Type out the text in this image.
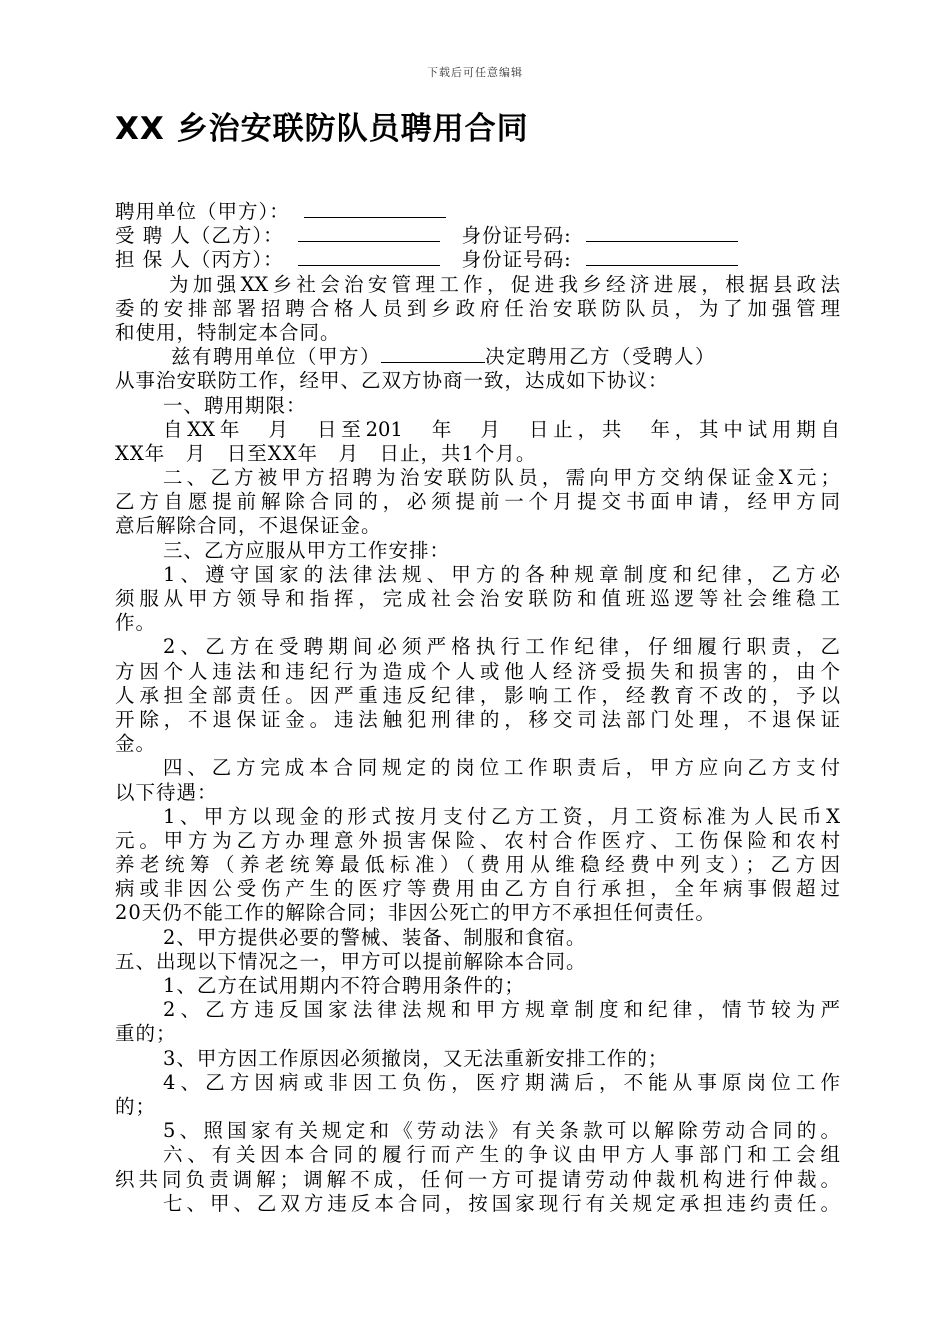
下载后可任意编辑
XX 乡治安联防队员聘用合同
聘用单位（甲方）：
受 聘 人（乙方）：	身份证号码:
担 保 人（丙方）：	身份证号码:
为加强XX乡社会治安管理工作，促进我乡经济进展，根据县政法
委的安排部署招聘合格人员到乡政府任治安联防队员，为了加强管理
和使用，特制定本合同。
兹有聘用单位（甲方）	决定聘用乙方（受聘人）
从事治安联防工作，经甲、乙双方协商一致，达成如下协议：
一、聘用期限：
自XX年　月　日至201　年　月　日止，共　年，其中试用期自
XX年　月　日至XX年　月　日止，共1个月。
二、乙方被甲方招聘为治安联防队员，需向甲方交纳保证金X元；
乙方自愿提前解除合同的，必须提前一个月提交书面申请，经甲方同
意后解除合同，不退保证金。
三、乙方应服从甲方工作安排：
1、遵守国家的法律法规、甲方的各种规章制度和纪律，乙方必
须服从甲方领导和指挥，完成社会治安联防和值班巡逻等社会维稳工
作。
2、乙方在受聘期间必须严格执行工作纪律，仔细履行职责，乙
方因个人违法和违纪行为造成个人或他人经济受损失和损害的，由个
人承担全部责任。因严重违反纪律，影响工作，经教育不改的，予以
开除，不退保证金。违法触犯刑律的，移交司法部门处理，不退保证
金。
四、乙方完成本合同规定的岗位工作职责后，甲方应向乙方支付
以下待遇：
1、甲方以现金的形式按月支付乙方工资，月工资标准为人民币X
元。甲方为乙方办理意外损害保险、农村合作医疗、工伤保险和农村
养老统筹（养老统筹最低标准）（费用从维稳经费中列支）；乙方因
病或非因公受伤产生的医疗等费用由乙方自行承担，全年病事假超过
20天仍不能工作的解除合同；非因公死亡的甲方不承担任何责任。
2、甲方提供必要的警械、装备、制服和食宿。
五、出现以下情况之一，甲方可以提前解除本合同。
1、乙方在试用期内不符合聘用条件的；
2、乙方违反国家法律法规和甲方规章制度和纪律，情节较为严
重的；
3、甲方因工作原因必须撤岗，又无法重新安排工作的；
4、乙方因病或非因工负伤，医疗期满后，不能从事原岗位工作
的；
5、照国家有关规定和《劳动法》有关条款可以解除劳动合同的。
六、有关因本合同的履行而产生的争议由甲方人事部门和工会组
织共同负责调解；调解不成，任何一方可提请劳动仲裁机构进行仲裁。
七、甲、乙双方违反本合同，按国家现行有关规定承担违约责任。
